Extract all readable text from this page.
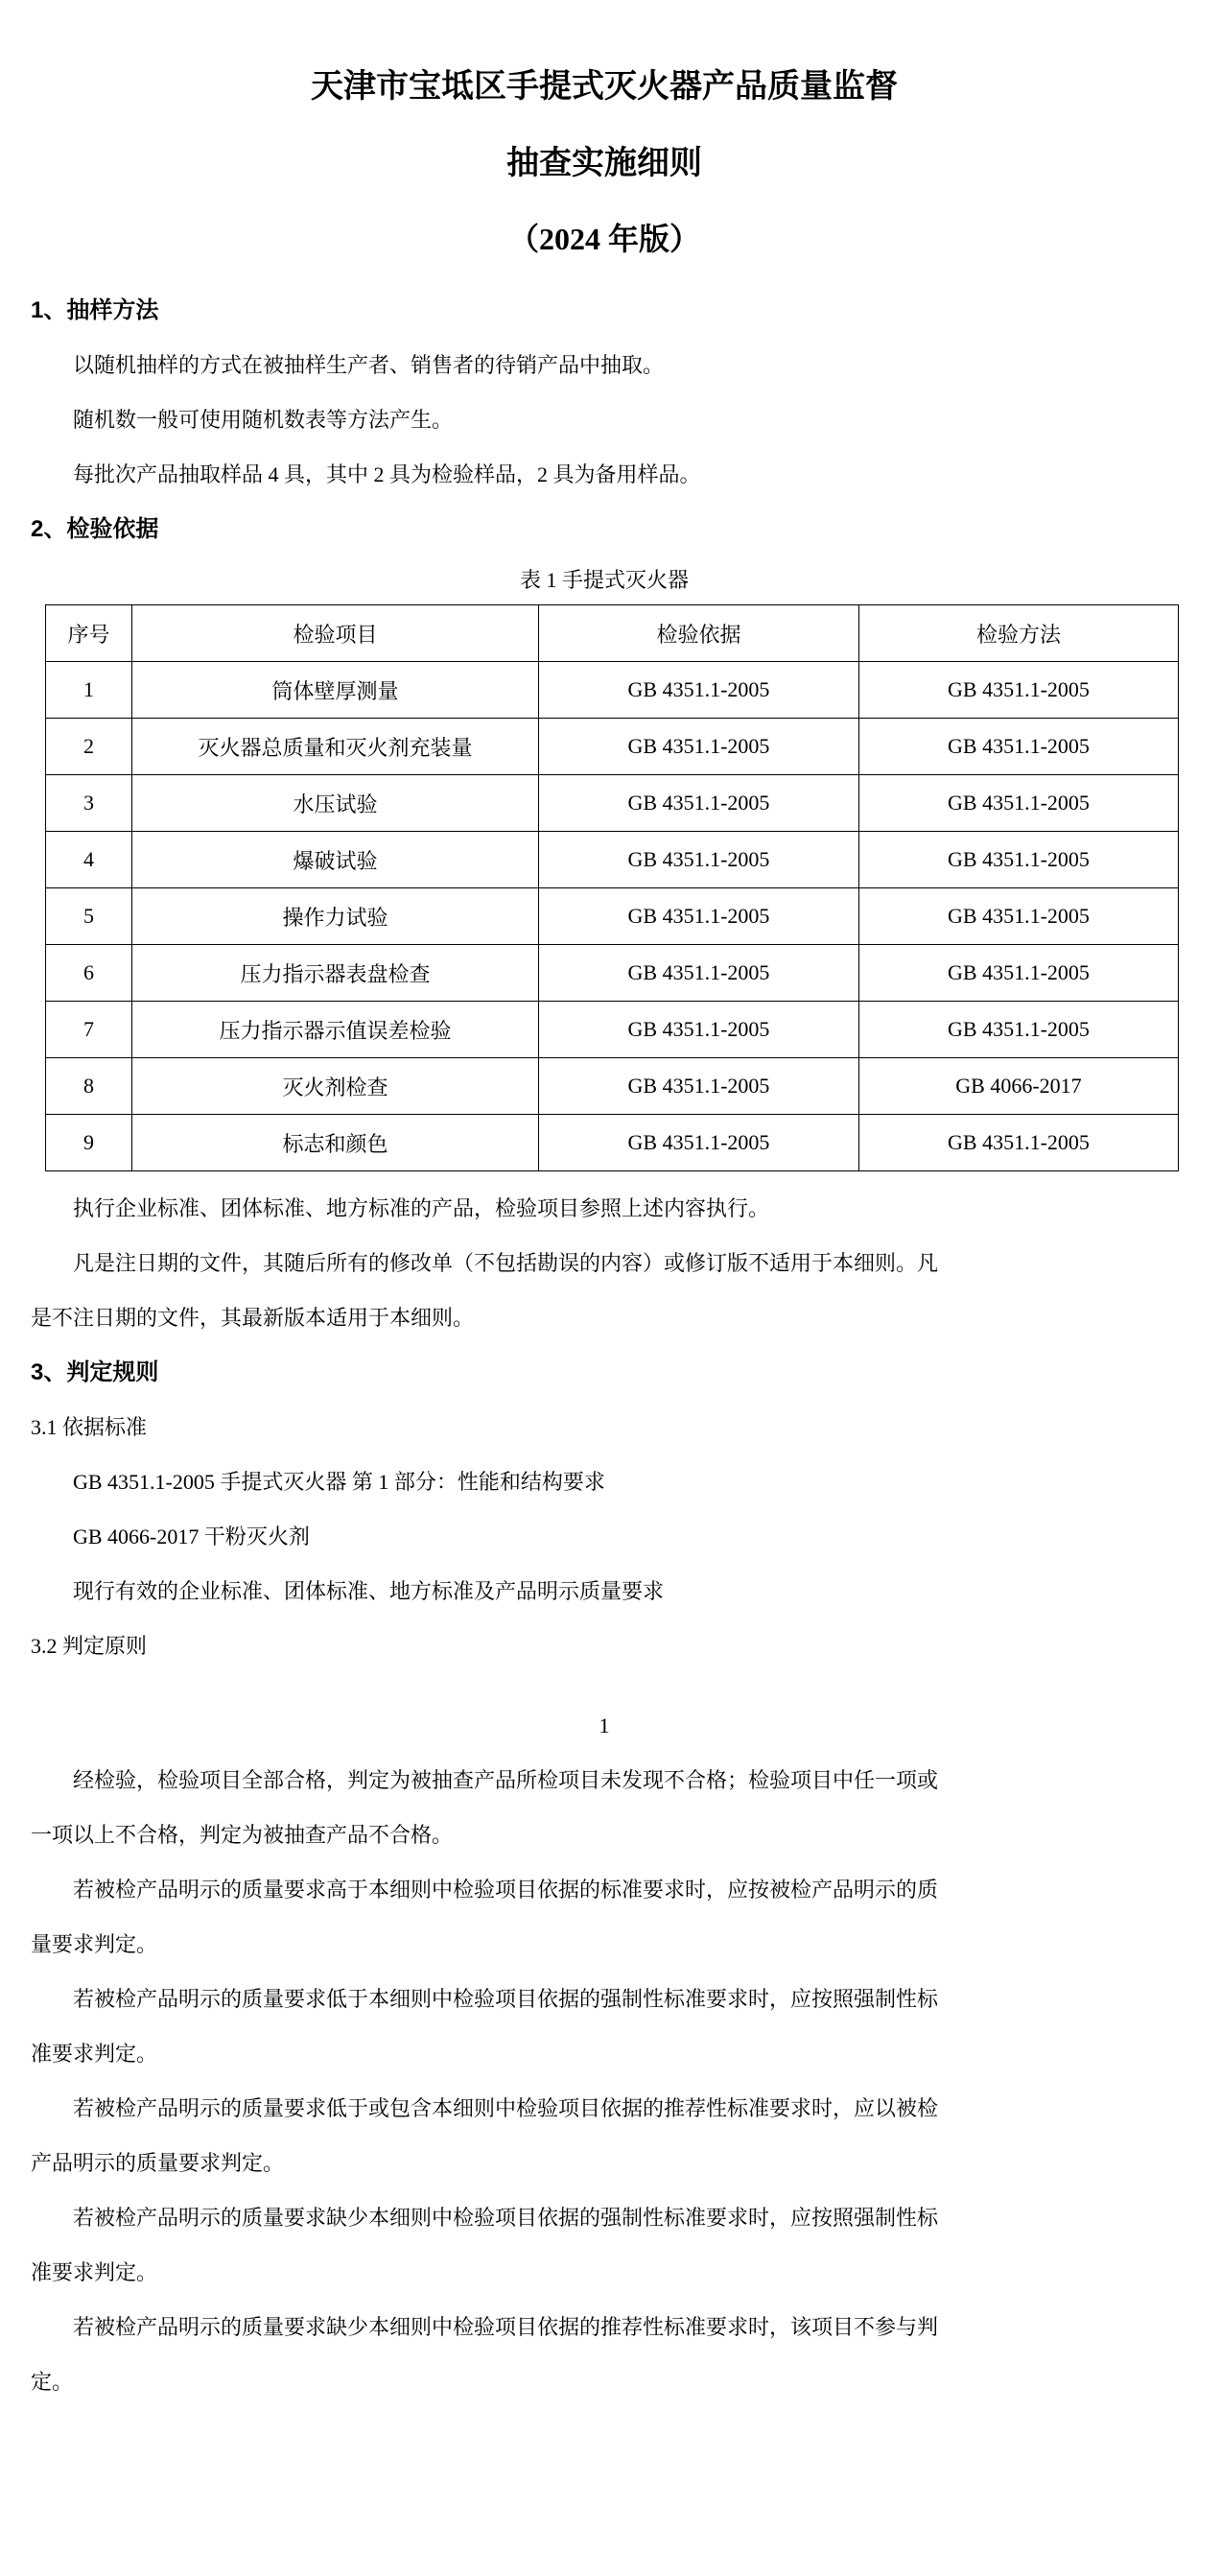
天津市宝坻区手提式灭火器产品质量监督
抽查实施细则
（2024 年版）
1、抽样方法
以随机抽样的方式在被抽样生产者、销售者的待销产品中抽取。
随机数一般可使用随机数表等方法产生。
每批次产品抽取样品 4 具，其中 2 具为检验样品，2 具为备用样品。
2、检验依据
表 1 手提式灭火器
序号	检验项目	检验依据	检验方法
1	筒体壁厚测量	GB 4351.1-2005	GB 4351.1-2005
2	灭火器总质量和灭火剂充装量	GB 4351.1-2005	GB 4351.1-2005
3	水压试验	GB 4351.1-2005	GB 4351.1-2005
4	爆破试验	GB 4351.1-2005	GB 4351.1-2005
5	操作力试验	GB 4351.1-2005	GB 4351.1-2005
6	压力指示器表盘检查	GB 4351.1-2005	GB 4351.1-2005
7	压力指示器示值误差检验	GB 4351.1-2005	GB 4351.1-2005
8	灭火剂检查	GB 4351.1-2005	GB 4066-2017
9	标志和颜色	GB 4351.1-2005	GB 4351.1-2005
执行企业标准、团体标准、地方标准的产品，检验项目参照上述内容执行。
凡是注日期的文件，其随后所有的修改单（不包括勘误的内容）或修订版不适用于本细则。凡
是不注日期的文件，其最新版本适用于本细则。
3、判定规则
3.1 依据标准
GB 4351.1-2005 手提式灭火器 第 1 部分：性能和结构要求
GB 4066-2017 干粉灭火剂
现行有效的企业标准、团体标准、地方标准及产品明示质量要求
3.2 判定原则
1
经检验，检验项目全部合格，判定为被抽查产品所检项目未发现不合格；检验项目中任一项或
一项以上不合格，判定为被抽查产品不合格。
若被检产品明示的质量要求高于本细则中检验项目依据的标准要求时，应按被检产品明示的质
量要求判定。
若被检产品明示的质量要求低于本细则中检验项目依据的强制性标准要求时，应按照强制性标
准要求判定。
若被检产品明示的质量要求低于或包含本细则中检验项目依据的推荐性标准要求时，应以被检
产品明示的质量要求判定。
若被检产品明示的质量要求缺少本细则中检验项目依据的强制性标准要求时，应按照强制性标
准要求判定。
若被检产品明示的质量要求缺少本细则中检验项目依据的推荐性标准要求时，该项目不参与判
定。
